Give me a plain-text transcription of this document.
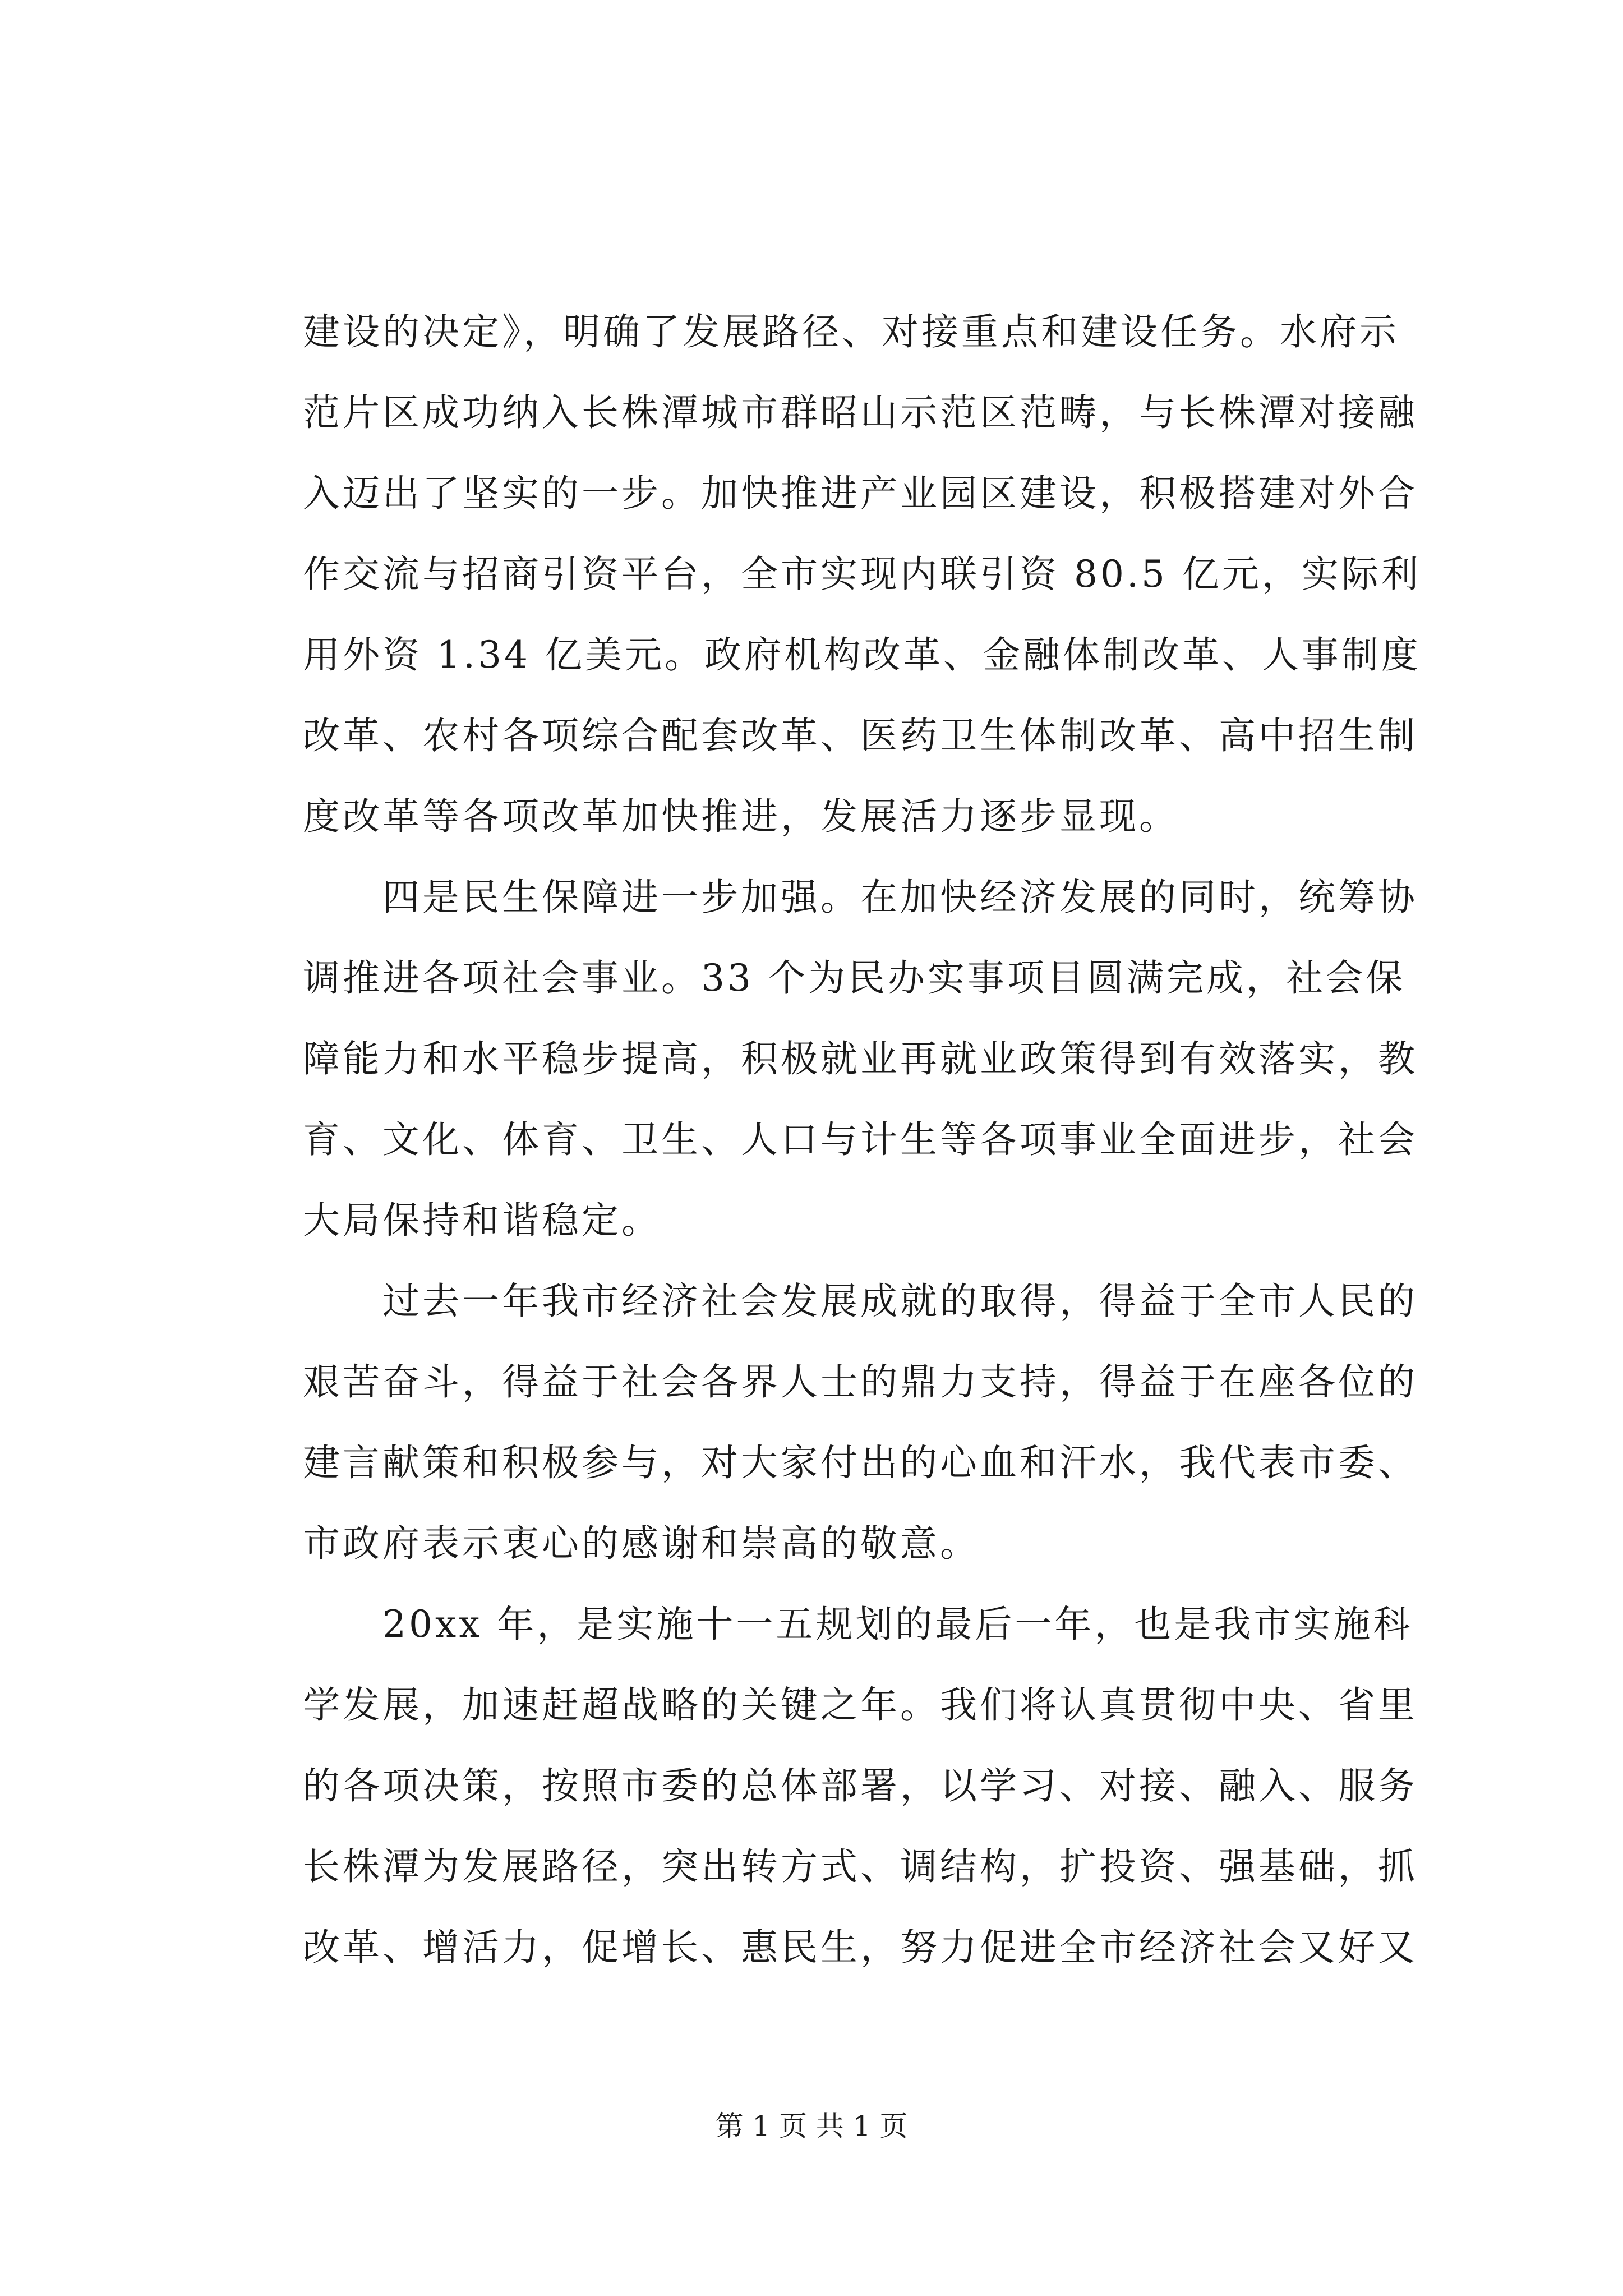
建设的决定》，明确了发展路径、对接重点和建设任务。水府示
范片区成功纳入长株潭城市群昭山示范区范畴，与长株潭对接融
入迈出了坚实的一步。加快推进产业园区建设，积极搭建对外合
作交流与招商引资平台，全市实现内联引资 80.5 亿元，实际利
用外资 1.34 亿美元。政府机构改革、金融体制改革、人事制度
改革、农村各项综合配套改革、医药卫生体制改革、高中招生制
度改革等各项改革加快推进，发展活力逐步显现。
　　四是民生保障进一步加强。在加快经济发展的同时，统筹协
调推进各项社会事业。33 个为民办实事项目圆满完成，社会保
障能力和水平稳步提高，积极就业再就业政策得到有效落实，教
育、文化、体育、卫生、人口与计生等各项事业全面进步，社会
大局保持和谐稳定。
　　过去一年我市经济社会发展成就的取得，得益于全市人民的
艰苦奋斗，得益于社会各界人士的鼎力支持，得益于在座各位的
建言献策和积极参与，对大家付出的心血和汗水，我代表市委、
市政府表示衷心的感谢和崇高的敬意。
　　20xx 年，是实施十一五规划的最后一年，也是我市实施科
学发展，加速赶超战略的关键之年。我们将认真贯彻中央、省里
的各项决策，按照市委的总体部署，以学习、对接、融入、服务
长株潭为发展路径，突出转方式、调结构，扩投资、强基础，抓
改革、增活力，促增长、惠民生，努力促进全市经济社会又好又
第 1 页 共 1 页
